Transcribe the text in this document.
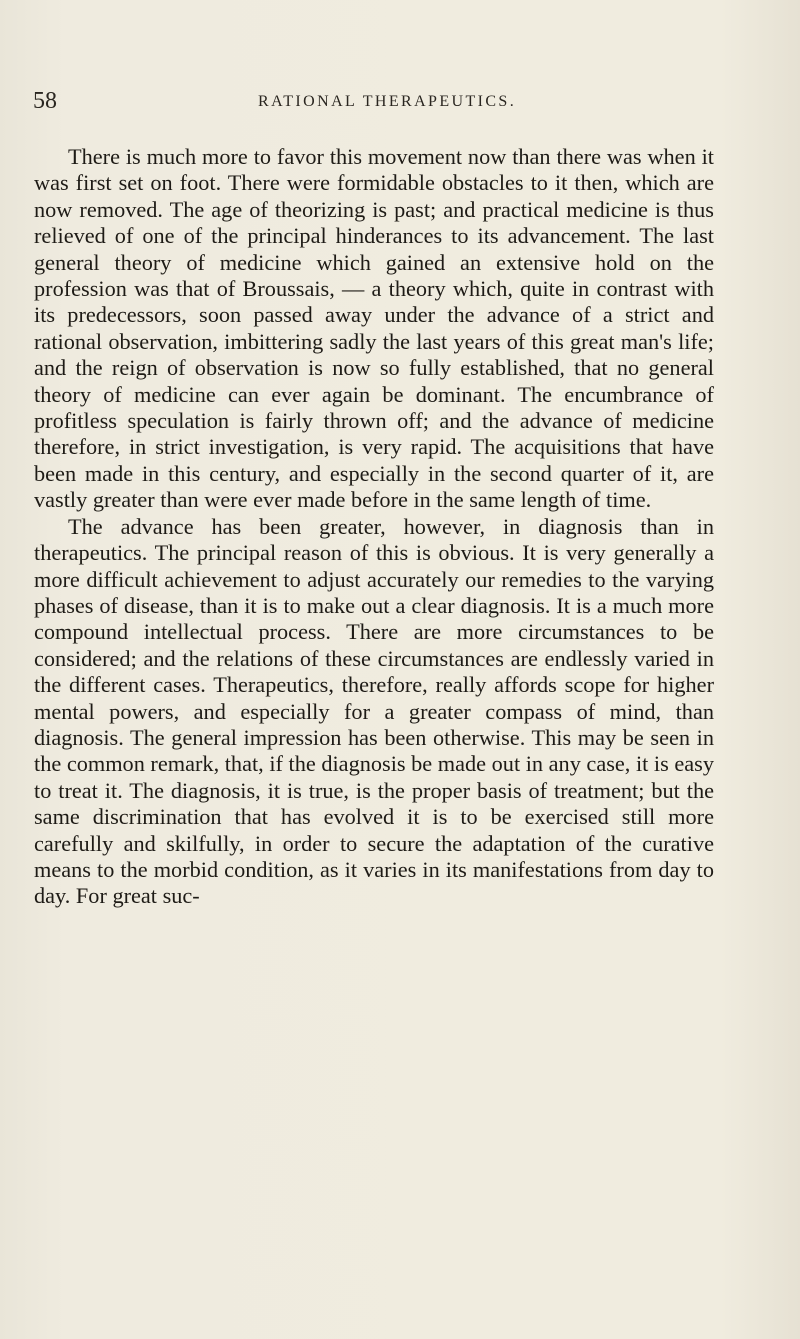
58	RATIONAL THERAPEUTICS.

There is much more to favor this movement now than there was when it was first set on foot. There were formidable obstacles to it then, which are now removed. The age of theorizing is past; and practical medicine is thus relieved of one of the principal hinderances to its advancement. The last general theory of medicine which gained an extensive hold on the profession was that of Broussais, — a theory which, quite in contrast with its predecessors, soon passed away under the advance of a strict and rational observation, imbittering sadly the last years of this great man's life; and the reign of observation is now so fully established, that no general theory of medicine can ever again be dominant. The encumbrance of profitless speculation is fairly thrown off; and the advance of medicine therefore, in strict investigation, is very rapid. The acquisitions that have been made in this century, and especially in the second quarter of it, are vastly greater than were ever made before in the same length of time.

The advance has been greater, however, in diagnosis than in therapeutics. The principal reason of this is obvious. It is very generally a more difficult achievement to adjust accurately our remedies to the varying phases of disease, than it is to make out a clear diagnosis. It is a much more compound intellectual process. There are more circumstances to be considered; and the relations of these circumstances are endlessly varied in the different cases. Therapeutics, therefore, really affords scope for higher mental powers, and especially for a greater compass of mind, than diagnosis. The general impression has been otherwise. This may be seen in the common remark, that, if the diagnosis be made out in any case, it is easy to treat it. The diagnosis, it is true, is the proper basis of treatment; but the same discrimination that has evolved it is to be exercised still more carefully and skilfully, in order to secure the adaptation of the curative means to the morbid condition, as it varies in its manifestations from day to day. For great suc-
